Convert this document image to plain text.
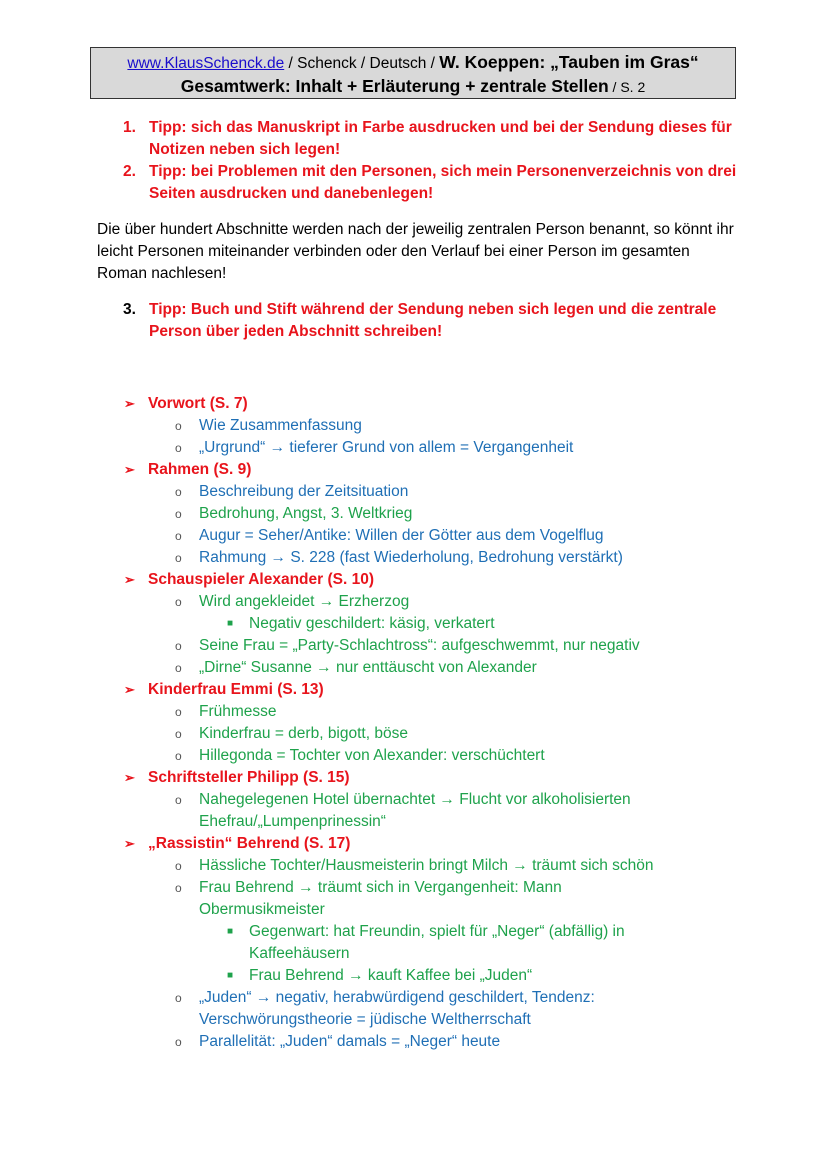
www.KlausSchenck.de / Schenck / Deutsch / W. Koeppen: „Tauben im Gras“
Gesamtwerk: Inhalt + Erläuterung + zentrale Stellen / S. 2
1. Tipp: sich das Manuskript in Farbe ausdrucken und bei der Sendung dieses für Notizen neben sich legen!
2. Tipp: bei Problemen mit den Personen, sich mein Personenverzeichnis von drei Seiten ausdrucken und danebenlegen!
Die über hundert Abschnitte werden nach der jeweilig zentralen Person benannt, so könnt ihr leicht Personen miteinander verbinden oder den Verlauf bei einer Person im gesamten Roman nachlesen!
3. Tipp: Buch und Stift während der Sendung neben sich legen und die zentrale Person über jeden Abschnitt schreiben!
➢ Vorwort (S. 7)
o Wie Zusammenfassung
o „Urgrund“ → tieferer Grund von allem = Vergangenheit
➢ Rahmen (S. 9)
o Beschreibung der Zeitsituation
o Bedrohung, Angst, 3. Weltkrieg
o Augur = Seher/Antike: Willen der Götter aus dem Vogelflug
o Rahmung → S. 228 (fast Wiederholung, Bedrohung verstärkt)
➢ Schauspieler Alexander (S. 10)
o Wird angekleidet → Erzherzog
■ Negativ geschildert: käsig, verkatert
o Seine Frau = „Party-Schlachtross“: aufgeschwemmt, nur negativ
o „Dirne“ Susanne → nur enttäuscht von Alexander
➢ Kinderfrau Emmi (S. 13)
o Frühmesse
o Kinderfrau = derb, bigott, böse
o Hillegonda = Tochter von Alexander: verschüchtert
➢ Schriftsteller Philipp (S. 15)
o Nahegelegenen Hotel übernachtet → Flucht vor alkoholisierten Ehefrau/„Lumpenprinessin“
➢ „Rassistin“ Behrend (S. 17)
o Hässliche Tochter/Hausmeisterin bringt Milch → träumt sich schön
o Frau Behrend → träumt sich in Vergangenheit: Mann Obermusikmeister
■ Gegenwart: hat Freundin, spielt für „Neger“ (abfällig) in Kaffeehäusern
■ Frau Behrend → kauft Kaffee bei „Juden“
o „Juden“ → negativ, herabwürdigend geschildert, Tendenz: Verschwörungstheorie = jüdische Weltherrschaft
o Parallelität: „Juden“ damals = „Neger“ heute
